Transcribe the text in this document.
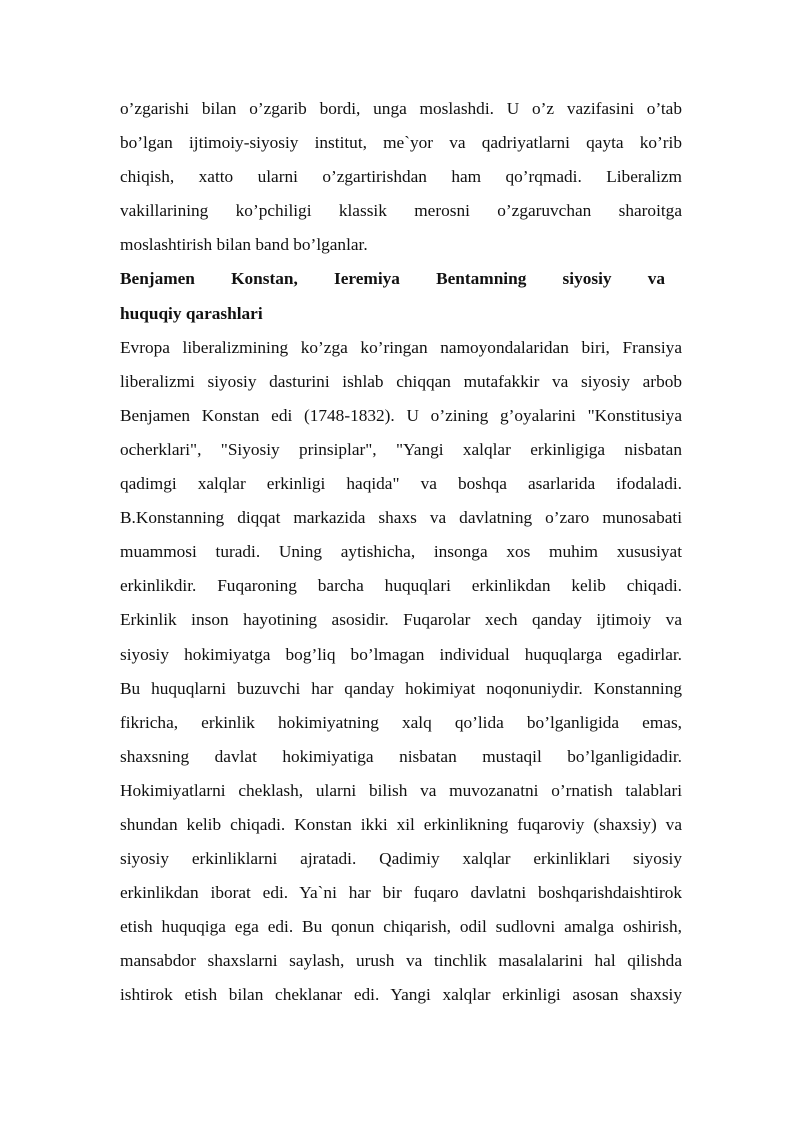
o’zgarishi bilan o’zgarib bordi, unga moslashdi. U o’z vazifasini o’tab
bo’lgan ijtimoiy-siyosiy institut, me`yor va qadriyatlarni qayta ko’rib
chiqish, xatto ularni o’zgartirishdan ham qo’rqmadi. Liberalizm
vakillarining ko’pchiligi klassik merosni o’zgaruvchan sharoitga
moslashtirish bilan band bo’lganlar.
Benjamen Konstan, Ieremiya Bentamning siyosiy va
huquqiy qarashlari
Evropa liberalizmining ko’zga ko’ringan namoyondalaridan biri, Fransiya
liberalizmi siyosiy dasturini ishlab chiqqan mutafakkir va siyosiy arbob
Benjamen Konstan edi (1748-1832). U o’zining g’oyalarini "Konstitusiya
ocherklari", "Siyosiy prinsiplar", "Yangi xalqlar erkinligiga nisbatan
qadimgi xalqlar erkinligi haqida" va boshqa asarlarida ifodaladi.
B.Konstanning diqqat markazida shaxs va davlatning o’zaro munosabati
muammosi turadi. Uning aytishicha, insonga xos muhim xususiyat
erkinlikdir. Fuqaroning barcha huquqlari erkinlikdan kelib chiqadi.
Erkinlik inson hayotining asosidir. Fuqarolar xech qanday ijtimoiy va
siyosiy hokimiyatga bog’liq bo’lmagan individual huquqlarga egadirlar.
Bu huquqlarni buzuvchi har qanday hokimiyat noqonuniydir. Konstanning
fikricha, erkinlik hokimiyatning xalq qo’lida bo’lganligida emas,
shaxsning davlat hokimiyatiga nisbatan mustaqil bo’lganligidadir.
Hokimiyatlarni cheklash, ularni bilish va muvozanatni o’rnatish talablari
shundan kelib chiqadi. Konstan ikki xil erkinlikning fuqaroviy (shaxsiy) va
siyosiy erkinliklarni ajratadi. Qadimiy xalqlar erkinliklari siyosiy
erkinlikdan iborat edi. Ya`ni har bir fuqaro davlatni boshqarishdaishtirok
etish huquqiga ega edi. Bu qonun chiqarish, odil sudlovni amalga oshirish,
mansabdor shaxslarni saylash, urush va tinchlik masalalarini hal qilishda
ishtirok etish bilan cheklanar edi. Yangi xalqlar erkinligi asosan shaxsiy
